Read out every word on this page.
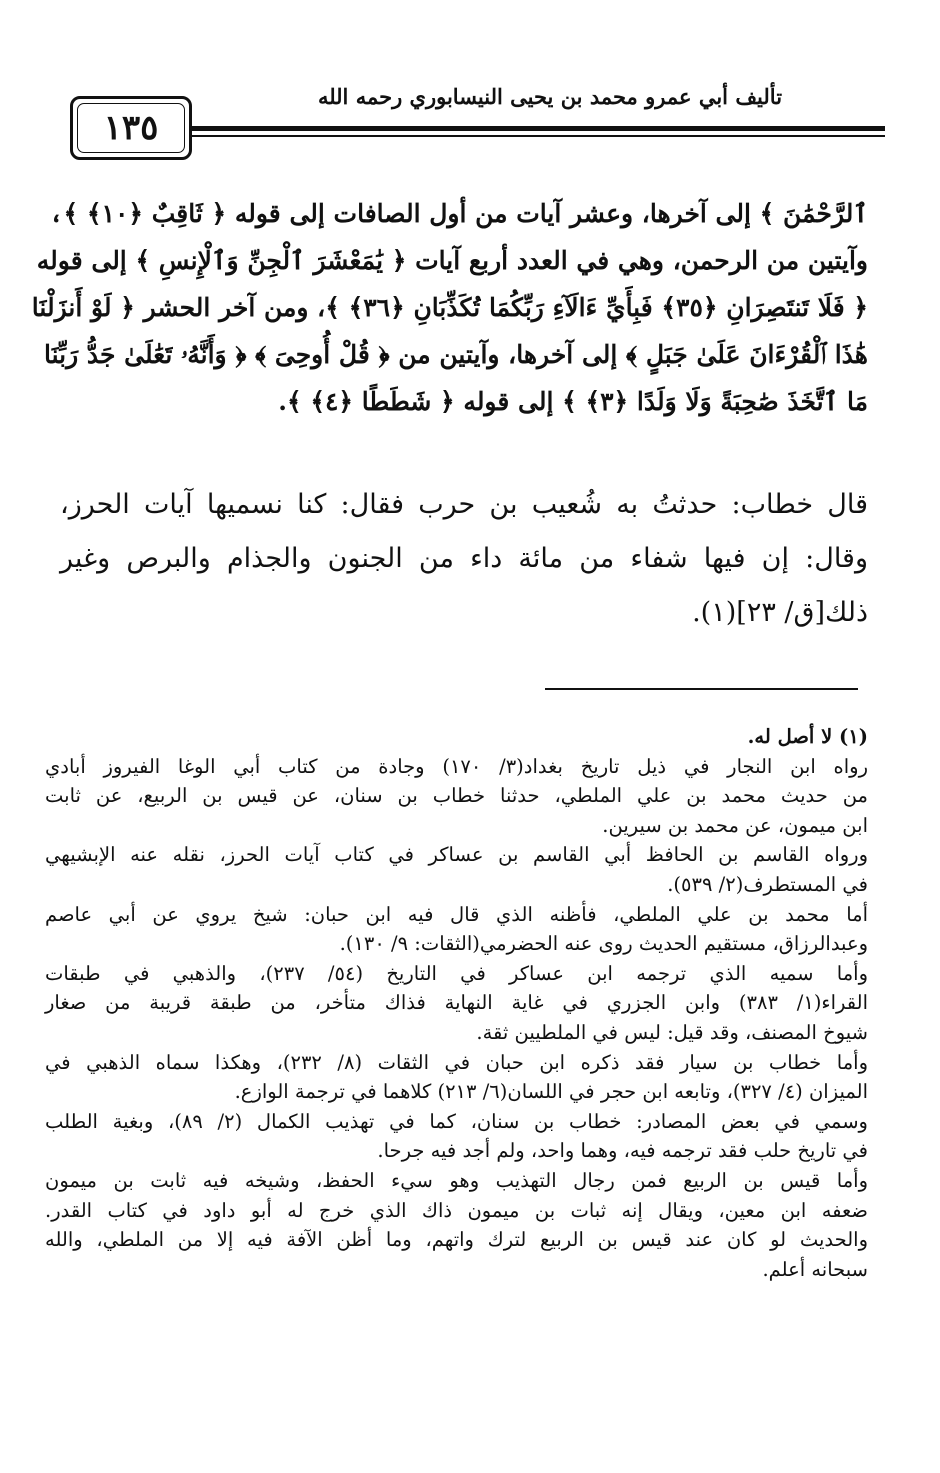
١٣٥
تأليف أبي عمرو محمد بن يحيى النيسابوري رحمه الله
ٱلرَّحْمَٰنَ ﴾ إلى آخرها، وعشر آيات من أول الصافات إلى قوله ﴿ ثَاقِبٌ ﴿١٠﴾ ﴾،
وآيتين من الرحمن، وهي في العدد أربع آيات ﴿ يَٰمَعْشَرَ ٱلْجِنِّ وَٱلْإِنسِ ﴾ إلى قوله
﴿ فَلَا تَنتَصِرَانِ ﴿٣٥﴾ فَبِأَيِّ ءَالَآءِ رَبِّكُمَا تُكَذِّبَانِ ﴿٣٦﴾ ﴾، ومن آخر الحشر ﴿ لَوْ أَنزَلْنَا
هَٰذَا ٱلْقُرْءَانَ عَلَىٰ جَبَلٍ ﴾ إلى آخرها، وآيتين من ﴿ قُلْ أُوحِىَ ﴾ ﴿ وَأَنَّهُۥ تَعَٰلَىٰ جَدُّ رَبِّنَا
مَا ٱتَّخَذَ صَٰحِبَةً وَلَا وَلَدًا ﴿٣﴾ ﴾ إلى قوله ﴿ شَطَطًا ﴿٤﴾ ﴾.
قال خطاب: حدثتُ به شُعيب بن حرب فقال: كنا نسميها آيات الحرز،
وقال: إن فيها شفاء من مائة داء من الجنون والجذام والبرص وغير
ذلك[ق/ ٢٣](١).
(١) لا أصل له.
رواه ابن النجار في ذيل تاريخ بغداد(٣/ ١٧٠) وجادة من كتاب أبي الوغا الفيروز أبادي
من حديث محمد بن علي الملطي، حدثنا خطاب بن سنان، عن قيس بن الربيع، عن ثابت
ابن ميمون، عن محمد بن سيرين.
ورواه القاسم بن الحافظ أبي القاسم بن عساكر في كتاب آيات الحرز، نقله عنه الإبشيهي
في المستطرف(٢/ ٥٣٩).
أما محمد بن علي الملطي، فأظنه الذي قال فيه ابن حبان: شيخ يروي عن أبي عاصم
وعبدالرزاق، مستقيم الحديث روى عنه الحضرمي(الثقات: ٩/ ١٣٠).
وأما سميه الذي ترجمه ابن عساكر في التاريخ (٥٤/ ٢٣٧)، والذهبي في طبقات
القراء(١/ ٣٨٣) وابن الجزري في غاية النهاية فذاك متأخر، من طبقة قريبة من صغار
شيوخ المصنف، وقد قيل: ليس في الملطيين ثقة.
وأما خطاب بن سيار فقد ذكره ابن حبان في الثقات (٨/ ٢٣٢)، وهكذا سماه الذهبي في
الميزان (٤/ ٣٢٧)، وتابعه ابن حجر في اللسان(٦/ ٢١٣) كلاهما في ترجمة الوازع.
وسمي في بعض المصادر: خطاب بن سنان، كما في تهذيب الكمال (٢/ ٨٩)، وبغية الطلب
في تاريخ حلب فقد ترجمه فيه، وهما واحد، ولم أجد فيه جرحا.
وأما قيس بن الربيع فمن رجال التهذيب وهو سيء الحفظ، وشيخه فيه ثابت بن ميمون
ضعفه ابن معين، ويقال إنه ثبات بن ميمون ذاك الذي خرج له أبو داود في كتاب القدر.
والحديث لو كان عند قيس بن الربيع لترك واتهم، وما أظن الآفة فيه إلا من الملطي، والله
سبحانه أعلم.
